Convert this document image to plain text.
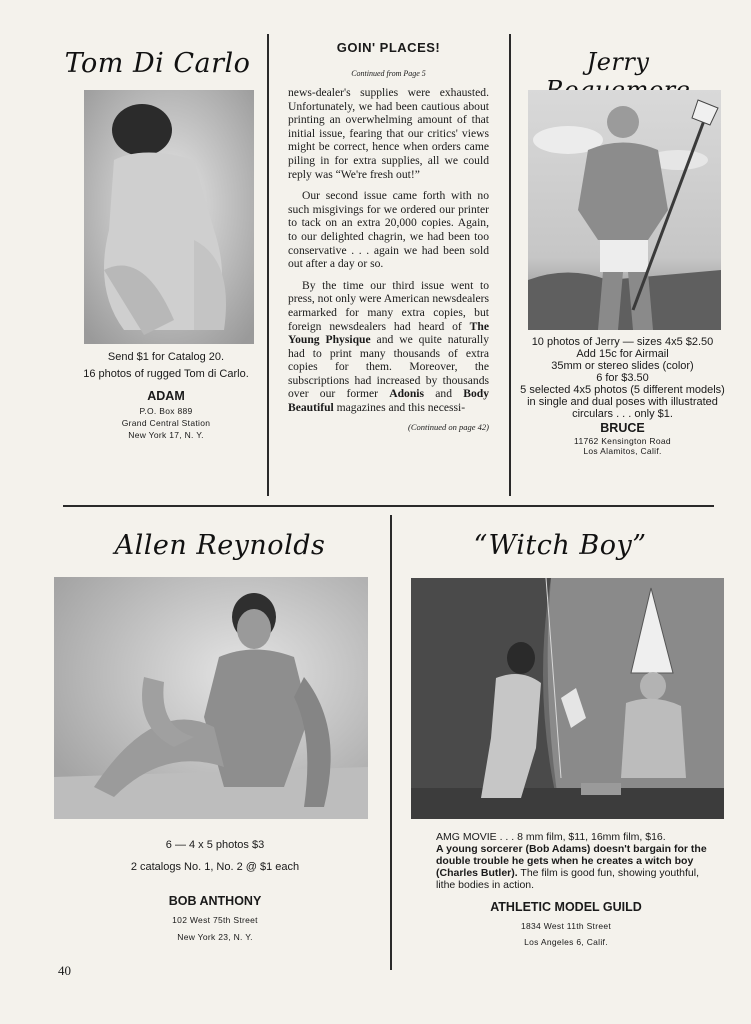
Tom Di Carlo
Send $1 for Catalog 20.
16 photos of rugged Tom di Carlo.
ADAM
P.O. Box 889
Grand Central Station
New York 17, N. Y.
GOIN' PLACES!
Continued from Page 5

news-dealer's supplies were exhausted. Unfortunately, we had been cautious about printing an overwhelming amount of that initial issue, fearing that our critics' views might be correct, hence when orders came piling in for extra supplies, all we could reply was “We're fresh out!”

Our second issue came forth with no such misgivings for we ordered our printer to tack on an extra 20,000 copies. Again, to our delighted chagrin, we had been too conservative . . . again we had been sold out after a day or so.

By the time our third issue went to press, not only were American newsdealers earmarked for many extra copies, but foreign newsdealers had heard of The Young Physique and we quite naturally had to print many thousands of extra copies for them. Moreover, the subscriptions had increased by thousands over our former Adonis and Body Beautiful magazines and this necessi-

(Continued on page 42)
Jerry
10 photos of Jerry — sizes 4x5 $2.50
Add 15c for Airmail
35mm or stereo slides (color)
6 for $3.50
5 selected 4x5 photos (5 different models) in single and dual poses with illustrated circulars . . . only $1.
BRUCE
11762 Kensington Road
Los Alamitos, Calif.
Allen Reynolds
6 — 4 x 5 photos $3
2 catalogs No. 1, No. 2 @ $1 each
BOB ANTHONY
102 West 75th Street
New York 23, N. Y.
“Witch Boy”
AMG MOVIE . . . 8 mm film, $11, 16mm film, $16.
A young sorcerer (Bob Adams) doesn't bargain for the double trouble he gets when he creates a witch boy (Charles Butler). The film is good fun, showing youthful, lithe bodies in action.
ATHLETIC MODEL GUILD
1834 West 11th Street
Los Angeles 6, Calif.
40
